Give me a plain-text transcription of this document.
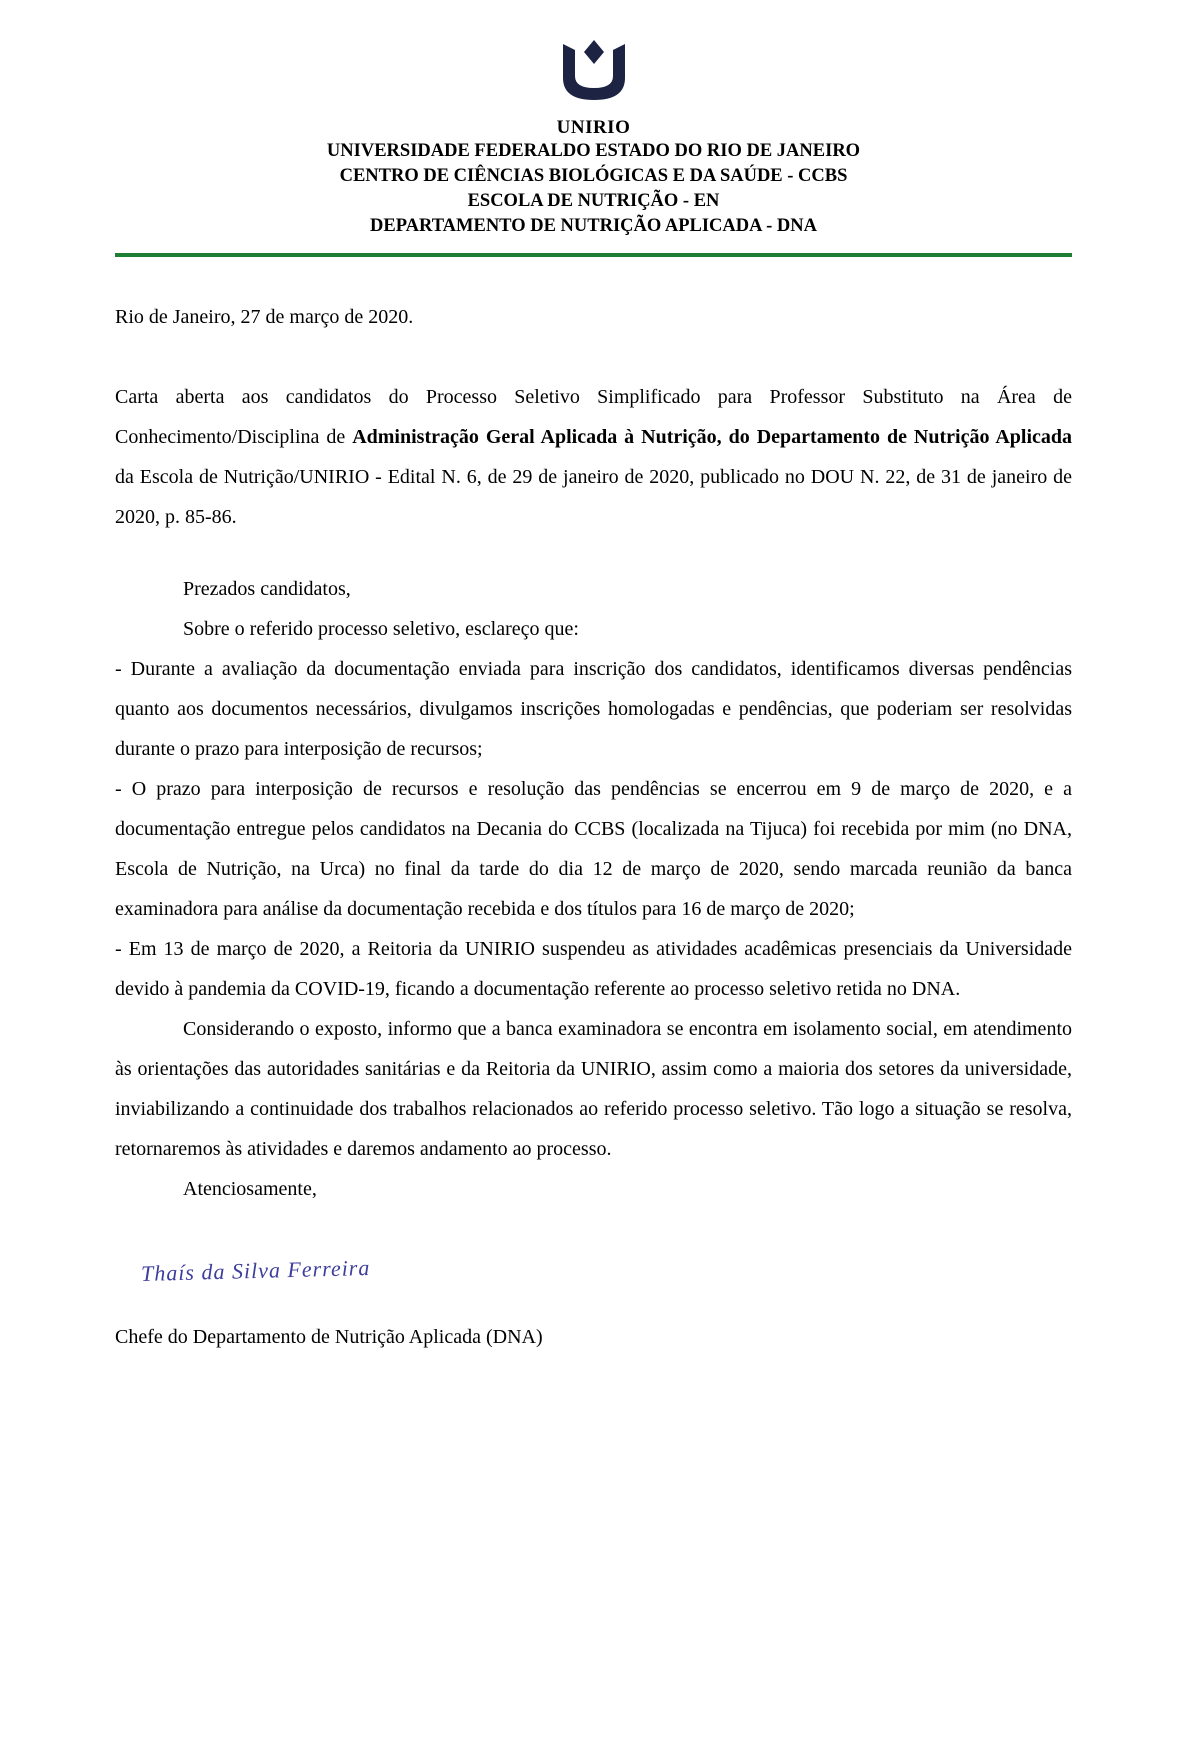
UNIRIO
UNIVERSIDADE FEDERALDO ESTADO DO RIO DE JANEIRO
CENTRO DE CIÊNCIAS BIOLÓGICAS E DA SAÚDE - CCBS
ESCOLA DE NUTRIÇÃO - EN
DEPARTAMENTO DE NUTRIÇÃO APLICADA - DNA

Rio de Janeiro, 27 de março de 2020.

Carta aberta aos candidatos do Processo Seletivo Simplificado para Professor Substituto na Área de Conhecimento/Disciplina de Administração Geral Aplicada à Nutrição, do Departamento de Nutrição Aplicada da Escola de Nutrição/UNIRIO - Edital N. 6, de 29 de janeiro de 2020, publicado no DOU N. 22, de 31 de janeiro de 2020, p. 85-86.

Prezados candidatos,

Sobre o referido processo seletivo, esclareço que:

- Durante a avaliação da documentação enviada para inscrição dos candidatos, identificamos diversas pendências quanto aos documentos necessários, divulgamos inscrições homologadas e pendências, que poderiam ser resolvidas durante o prazo para interposição de recursos;

- O prazo para interposição de recursos e resolução das pendências se encerrou em 9 de março de 2020, e a documentação entregue pelos candidatos na Decania do CCBS (localizada na Tijuca) foi recebida por mim (no DNA, Escola de Nutrição, na Urca) no final da tarde do dia 12 de março de 2020, sendo marcada reunião da banca examinadora para análise da documentação recebida e dos títulos para 16 de março de 2020;

- Em 13 de março de 2020, a Reitoria da UNIRIO suspendeu as atividades acadêmicas presenciais da Universidade devido à pandemia da COVID-19, ficando a documentação referente ao processo seletivo retida no DNA.

Considerando o exposto, informo que a banca examinadora se encontra em isolamento social, em atendimento às orientações das autoridades sanitárias e da Reitoria da UNIRIO, assim como a maioria dos setores da universidade, inviabilizando a continuidade dos trabalhos relacionados ao referido processo seletivo. Tão logo a situação se resolva, retornaremos às atividades e daremos andamento ao processo.

Atenciosamente,

Thaís da Silva Ferreira

Chefe do Departamento de Nutrição Aplicada (DNA)
